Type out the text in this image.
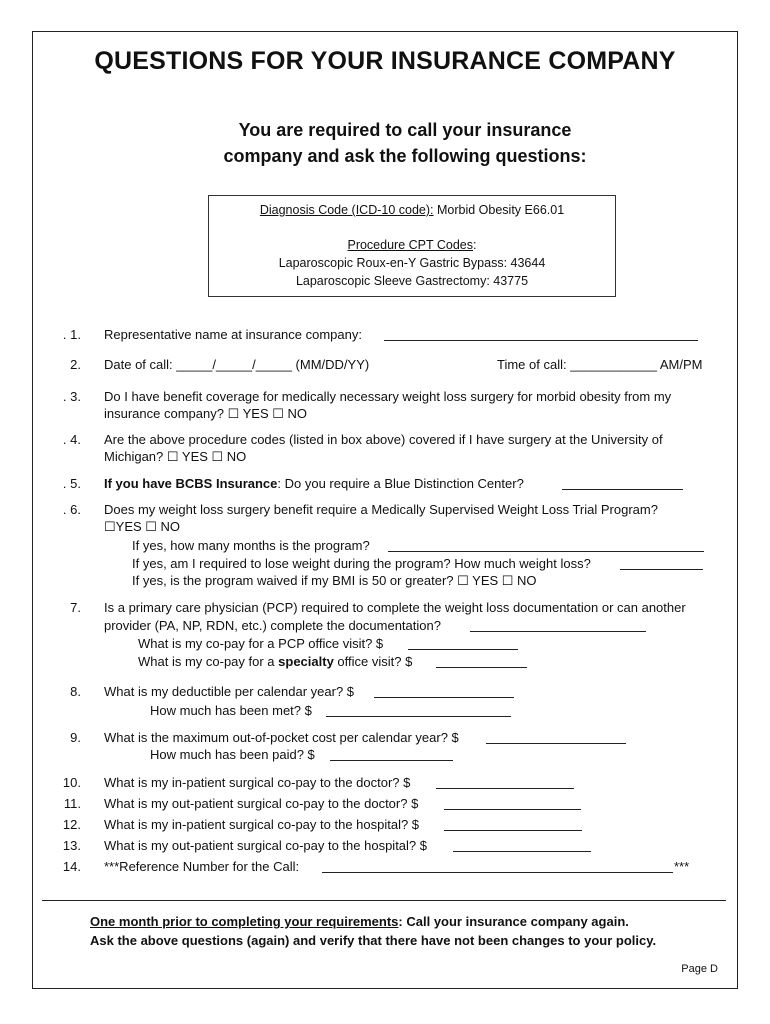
QUESTIONS FOR YOUR INSURANCE COMPANY
You are required to call your insurance
company and ask the following questions:
Diagnosis Code (ICD-10 code): Morbid Obesity E66.01
Procedure CPT Codes:
Laparoscopic Roux-en-Y Gastric Bypass: 43644
Laparoscopic Sleeve Gastrectomy: 43775
. 1. Representative name at insurance company:
2. Date of call: _____/_____/_____ (MM/DD/YY)	Time of call: ____________ AM/PM
. 3. Do I have benefit coverage for medically necessary weight loss surgery for morbid obesity from my
insurance company? ☐ YES ☐ NO
. 4. Are the above procedure codes (listed in box above) covered if I have surgery at the University of
Michigan? ☐ YES ☐ NO
. 5. If you have BCBS Insurance: Do you require a Blue Distinction Center?
. 6. Does my weight loss surgery benefit require a Medically Supervised Weight Loss Trial Program?
☐YES ☐ NO
If yes, how many months is the program?
If yes, am I required to lose weight during the program? How much weight loss?
If yes, is the program waived if my BMI is 50 or greater? ☐ YES ☐ NO
7. Is a primary care physician (PCP) required to complete the weight loss documentation or can another
provider (PA, NP, RDN, etc.) complete the documentation?
What is my co-pay for a PCP office visit? $
What is my co-pay for a specialty office visit? $
8. What is my deductible per calendar year? $
How much has been met? $
9. What is the maximum out-of-pocket cost per calendar year? $
How much has been paid? $
10. What is my in-patient surgical co-pay to the doctor? $
11. What is my out-patient surgical co-pay to the doctor? $
12. What is my in-patient surgical co-pay to the hospital? $
13. What is my out-patient surgical co-pay to the hospital? $
14. ***Reference Number for the Call:	***
One month prior to completing your requirements: Call your insurance company again.
Ask the above questions (again) and verify that there have not been changes to your policy.
Page D
